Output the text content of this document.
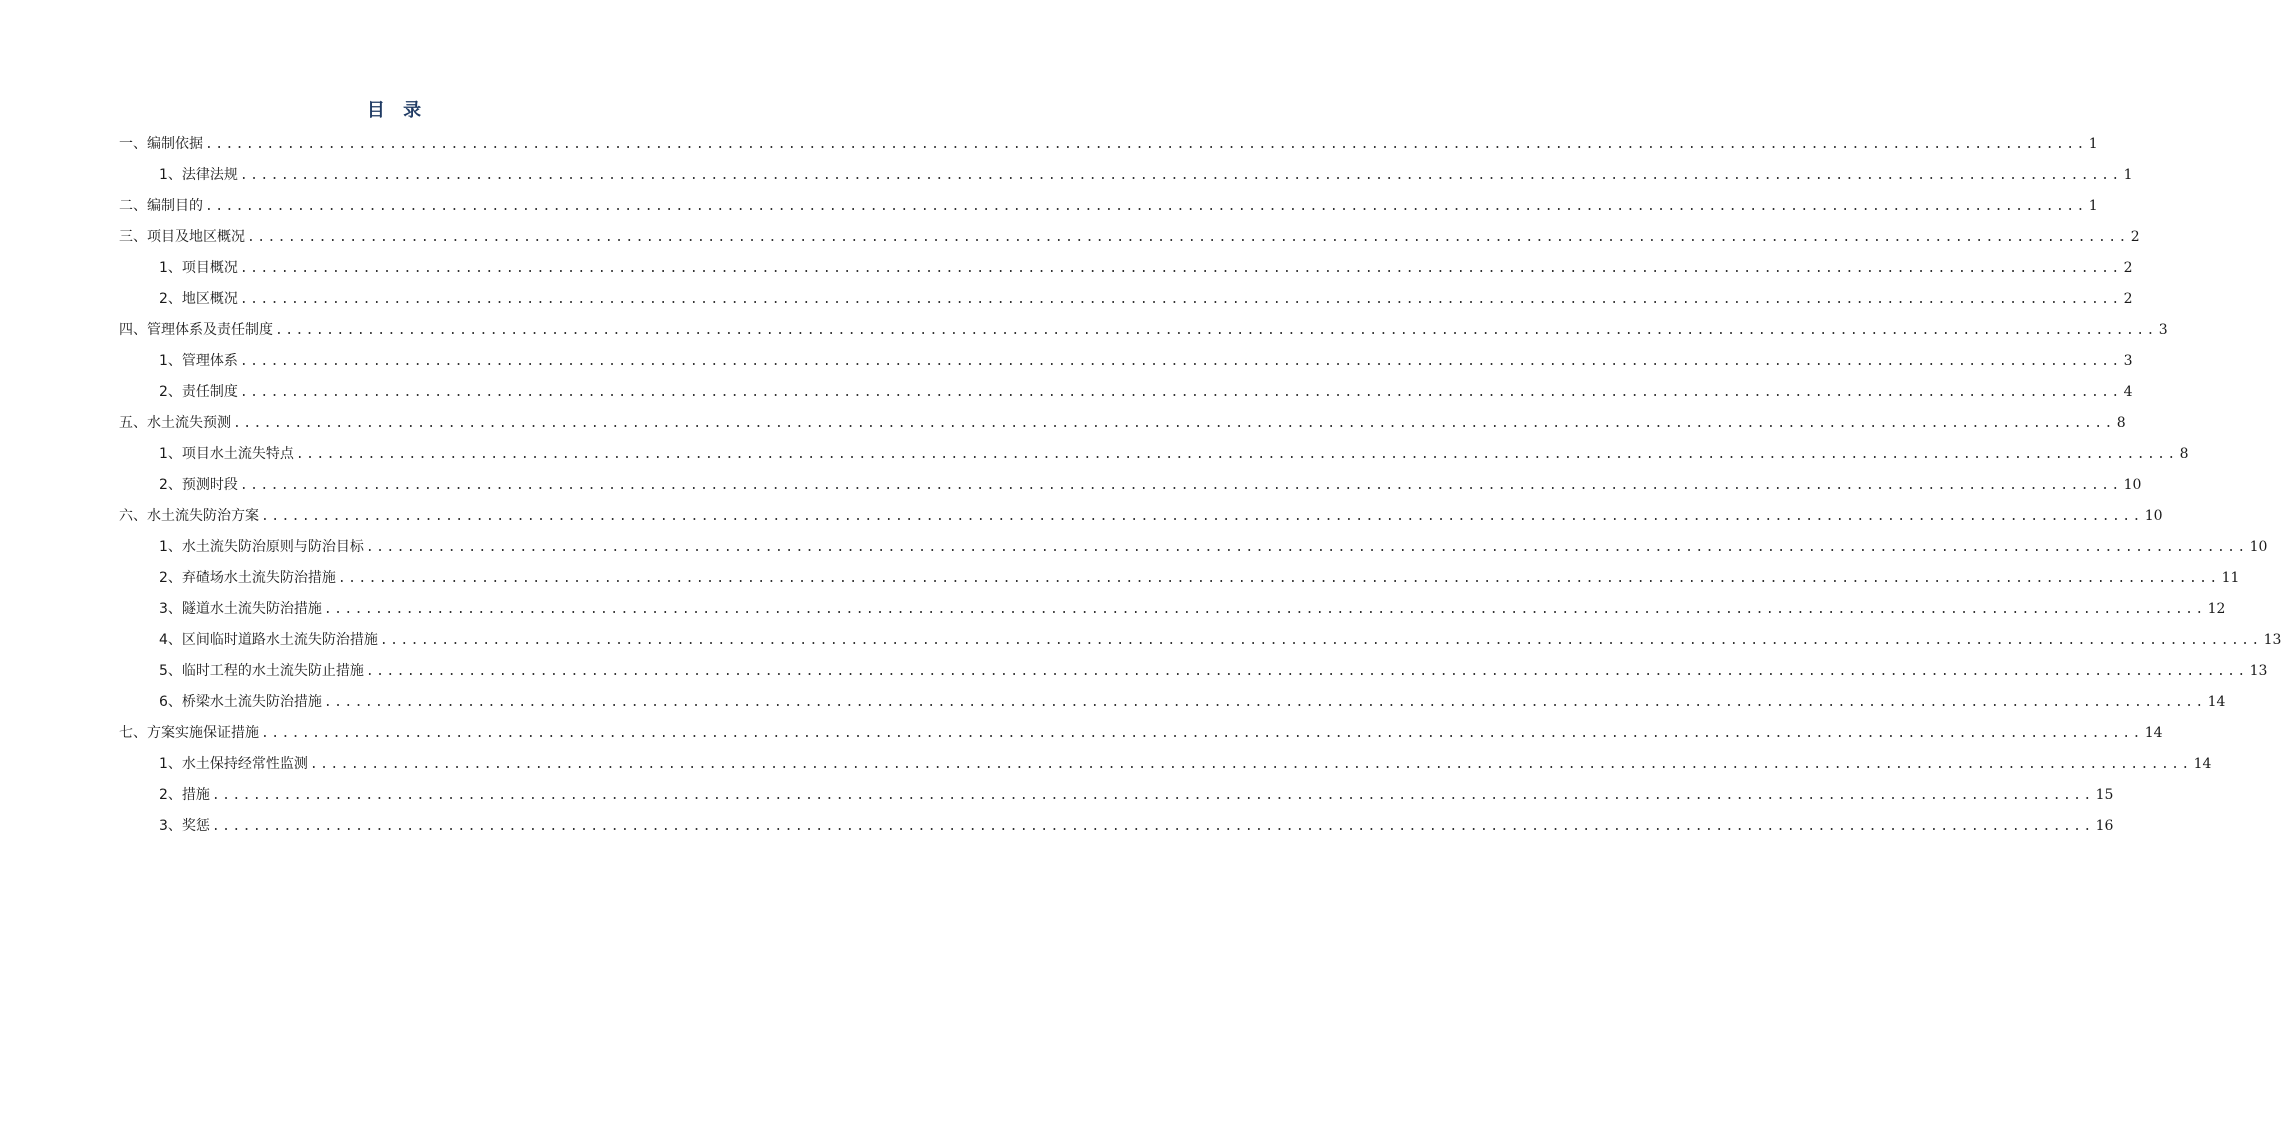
目 录
一、编制依据 ........................................................................................................................................................................................ 1
1、法律法规 ........................................................................................................................................................................................ 1
二、编制目的 ........................................................................................................................................................................................ 1
三、项目及地区概况 ........................................................................................................................................................................................ 2
1、项目概况 ........................................................................................................................................................................................ 2
2、地区概况 ........................................................................................................................................................................................ 2
四、管理体系及责任制度 ........................................................................................................................................................................................ 3
1、管理体系 ........................................................................................................................................................................................ 3
2、责任制度 ........................................................................................................................................................................................ 4
五、水土流失预测 ........................................................................................................................................................................................ 8
1、项目水土流失特点 ........................................................................................................................................................................................ 8
2、预测时段 ........................................................................................................................................................................................ 10
六、水土流失防治方案 ........................................................................................................................................................................................ 10
1、水土流失防治原则与防治目标 ........................................................................................................................................................................................ 10
2、弃碴场水土流失防治措施 ........................................................................................................................................................................................ 11
3、隧道水土流失防治措施 ........................................................................................................................................................................................ 12
4、区间临时道路水土流失防治措施 ........................................................................................................................................................................................ 13
5、临时工程的水土流失防止措施 ........................................................................................................................................................................................ 13
6、桥梁水土流失防治措施 ........................................................................................................................................................................................ 14
七、方案实施保证措施 ........................................................................................................................................................................................ 14
1、水土保持经常性监测 ........................................................................................................................................................................................ 14
2、措施 ........................................................................................................................................................................................ 15
3、奖惩 ........................................................................................................................................................................................ 16
